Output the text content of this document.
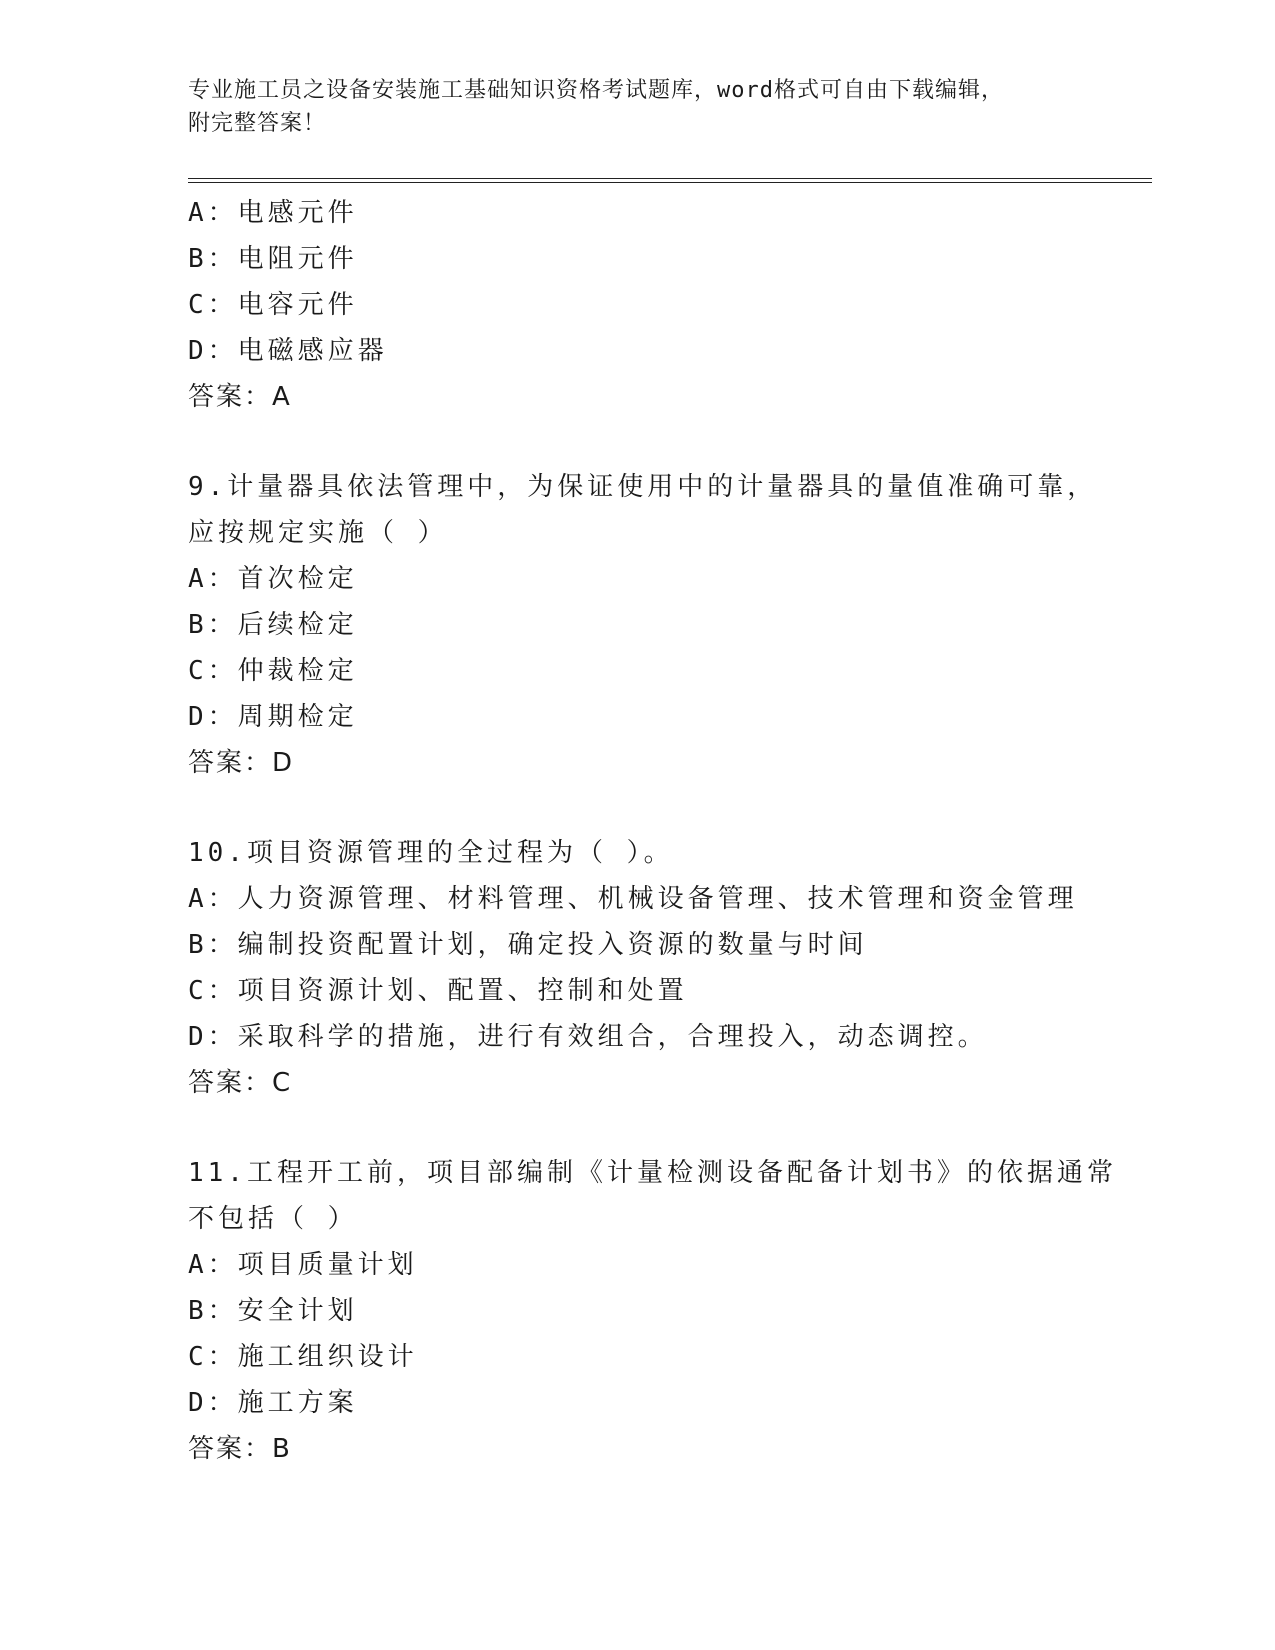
专业施工员之设备安装施工基础知识资格考试题库，word格式可自由下载编辑，
附完整答案！
A：电感元件
B：电阻元件
C：电容元件
D：电磁感应器
答案：A
9.计量器具依法管理中，为保证使用中的计量器具的量值准确可靠，
应按规定实施（ ）
A：首次检定
B：后续检定
C：仲裁检定
D：周期检定
答案：D
10.项目资源管理的全过程为（ ）。
A：人力资源管理、材料管理、机械设备管理、技术管理和资金管理
B：编制投资配置计划，确定投入资源的数量与时间
C：项目资源计划、配置、控制和处置
D：采取科学的措施，进行有效组合，合理投入，动态调控。
答案：C
11.工程开工前，项目部编制《计量检测设备配备计划书》的依据通常
不包括（ ）
A：项目质量计划
B：安全计划
C：施工组织设计
D：施工方案
答案：B
